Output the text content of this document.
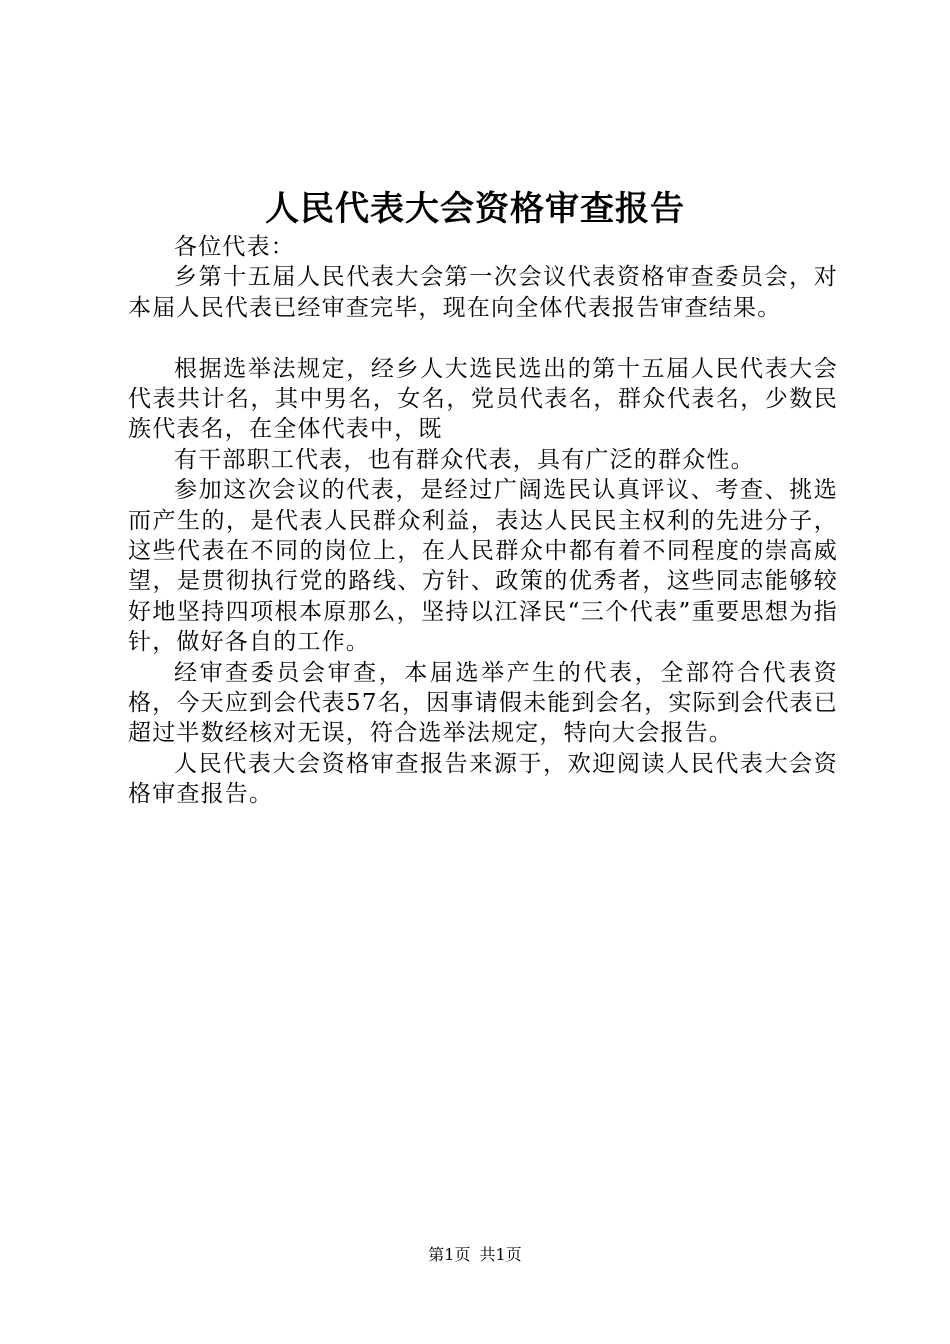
人民代表大会资格审查报告

各位代表：

乡第十五届人民代表大会第一次会议代表资格审查委员会，对本届人民代表已经审查完毕，现在向全体代表报告审查结果。

根据选举法规定，经乡人大选民选出的第十五届人民代表大会代表共计名，其中男名，女名，党员代表名，群众代表名，少数民族代表名，在全体代表中，既

有干部职工代表，也有群众代表，具有广泛的群众性。

参加这次会议的代表，是经过广阔选民认真评议、考查、挑选而产生的，是代表人民群众利益，表达人民民主权利的先进分子，这些代表在不同的岗位上，在人民群众中都有着不同程度的崇高威望，是贯彻执行党的路线、方针、政策的优秀者，这些同志能够较好地坚持四项根本原那么，坚持以江泽民“三个代表”重要思想为指针，做好各自的工作。

经审查委员会审查，本届选举产生的代表，全部符合代表资格，今天应到会代表57名，因事请假未能到会名，实际到会代表已超过半数经核对无误，符合选举法规定，特向大会报告。

人民代表大会资格审查报告来源于，欢迎阅读人民代表大会资格审查报告。

第1页 共1页
